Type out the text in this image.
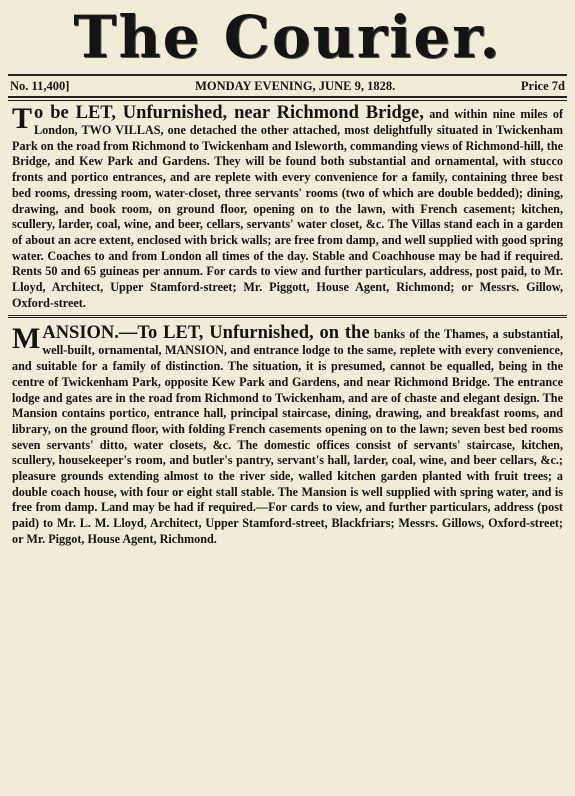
The Courier.
No. 11,400]	MONDAY EVENING, JUNE 9, 1828.	Price 7d
T o be LET, Unfurnished, near Richmond Bridge, and within nine miles of London, TWO VILLAS, one detached the other attached, most delightfully situated in Twickenham Park on the road from Richmond to Twickenham and Isleworth, commanding views of Richmond-hill, the Bridge, and Kew Park and Gardens. They will be found both substantial and ornamental, with stucco fronts and portico entrances, and are replete with every convenience for a family, containing three best bed rooms, dressing room, water-closet, three servants' rooms (two of which are double bedded); dining, drawing, and book room, on ground floor, opening on to the lawn, with French casement; kitchen, scullery, larder, coal, wine, and beer, cellars, servants' water closet, &c. The Villas stand each in a garden of about an acre extent, enclosed with brick walls; are free from damp, and well supplied with good spring water. Coaches to and from London all times of the day. Stable and Coachhouse may be had if required. Rents 50 and 65 guineas per annum. For cards to view and further particulars, address, post paid, to Mr. Lloyd, Architect, Upper Stamford-street; Mr. Piggott, House Agent, Richmond; or Messrs. Gillow, Oxford-street.
M ANSION.—To LET, Unfurnished, on the banks of the Thames, a substantial, well-built, ornamental, MANSION, and entrance lodge to the same, replete with every convenience, and suitable for a family of distinction. The situation, it is presumed, cannot be equalled, being in the centre of Twickenham Park, opposite Kew Park and Gardens, and near Richmond Bridge. The entrance lodge and gates are in the road from Richmond to Twickenham, and are of chaste and elegant design. The Mansion contains portico, entrance hall, principal staircase, dining, drawing, and breakfast rooms, and library, on the ground floor, with folding French casements opening on to the lawn; seven best bed rooms seven servants' ditto, water closets, &c. The domestic offices consist of servants' staircase, kitchen, scullery, housekeeper's room, and butler's pantry, servant's hall, larder, coal, wine, and beer cellars, &c.; pleasure grounds extending almost to the river side, walled kitchen garden planted with fruit trees; a double coach house, with four or eight stall stable. The Mansion is well supplied with spring water, and is free from damp. Land may be had if required.—For cards to view, and further particulars, address (post paid) to Mr. L. M. Lloyd, Architect, Upper Stamford-street, Blackfriars; Messrs. Gillows, Oxford-street; or Mr. Piggot, House Agent, Richmond.
